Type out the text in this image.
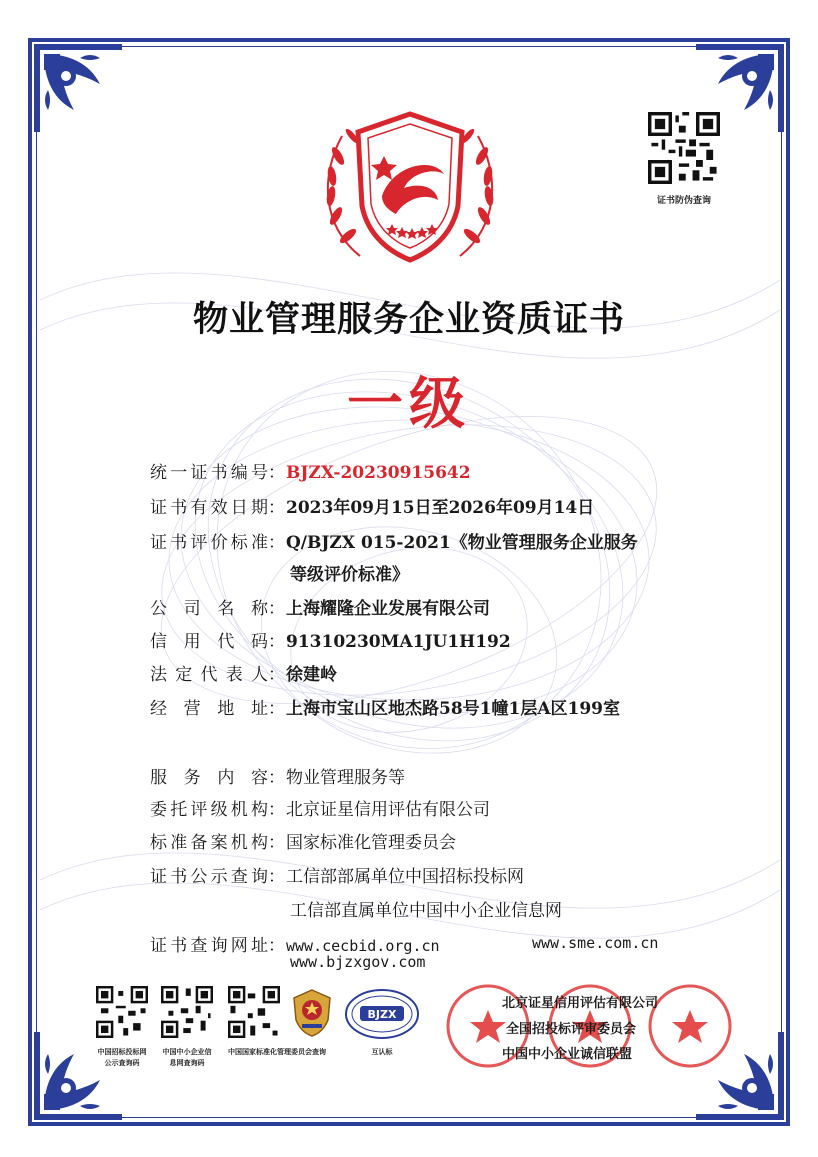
证书防伪查询
物业管理服务企业资质证书
一级
统一证书编号：BJZX-20230915642
证书有效日期：2023年09月15日至2026年09月14日
证书评价标准：Q/BJZX 015-2021《物业管理服务企业服务
等级评价标准》
公司名称：上海耀隆企业发展有限公司
信用代码：91310230MA1JU1H192
法定代表人：徐建岭
经营地址：上海市宝山区地杰路58号1幢1层A区199室
服务内容：物业管理服务等
委托评级机构：北京证星信用评估有限公司
标准备案机构：国家标准化管理委员会
证书公示查询：工信部部属单位中国招标投标网
工信部直属单位中国中小企业信息网
证书查询网址：www.cecbid.org.cn	www.sme.com.cn
www.bjzxgov.com
中国招标投标网
公示查询码
中国中小企业信
息网查询码
中国国家标准化管理委员会查询
BJZX
互认标
北京证星信用评估有限公司
全国招投标评审委员会
中国中小企业诚信联盟
